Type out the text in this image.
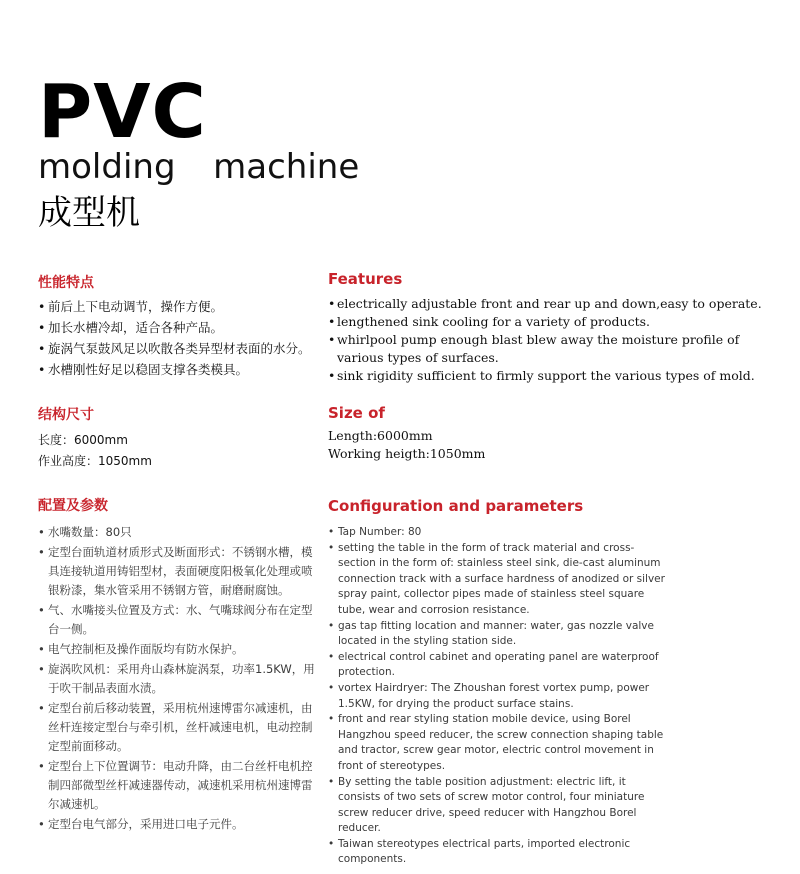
PVC
molding  machine
成型机
性能特点	Features
• 前后上下电动调节，操作方便。
• 加长水槽冷却，适合各种产品。
• 旋涡气泵鼓风足以吹散各类异型材表面的水分。
• 水槽刚性好足以稳固支撑各类模具。
• electrically adjustable front and rear up and down,easy to operate.
• lengthened sink cooling for a variety of products.
• whirlpool pump enough blast blew away the moisture profile of various types of surfaces.
• sink rigidity sufficient to firmly support the various types of mold.
结构尺寸	Size of
长度：6000mm
作业高度：1050mm
Length:6000mm
Working heigth:1050mm
配置及参数	Configuration and parameters
• 水嘴数量：80只
• 定型台面轨道材质形式及断面形式：不锈钢水槽，模具连接轨道用铸铝型材，表面硬度阳极氧化处理或喷银粉漆，集水管采用不锈钢方管，耐磨耐腐蚀。
• 气、水嘴接头位置及方式：水、气嘴球阀分布在定型台一侧。
• 电气控制柜及操作面版均有防水保护。
• 旋涡吹风机：采用舟山森林旋涡泵，功率1.5KW，用于吹干制品表面水渍。
• 定型台前后移动装置，采用杭州速博雷尔减速机，由丝杆连接定型台与牵引机，丝杆减速电机，电动控制定型前面移动。
• 定型台上下位置调节：电动升降，由二台丝杆电机控制四部微型丝杆减速器传动，减速机采用杭州速博雷尔减速机。
• 定型台电气部分，采用进口电子元件。
• Tap Number: 80
• setting the table in the form of track material and cross-section in the form of: stainless steel sink, die-cast aluminum connection track with a surface hardness of anodized or silver spray paint, collector pipes made of stainless steel square tube, wear and corrosion resistance.
• gas tap fitting location and manner: water, gas nozzle valve located in the styling station side.
• electrical control cabinet and operating panel are waterproof protection.
• vortex Hairdryer: The Zhoushan forest vortex pump, power 1.5KW, for drying the product surface stains.
• front and rear styling station mobile device, using Borel Hangzhou speed reducer, the screw connection shaping table and tractor, screw gear motor, electric control movement in front of stereotypes.
• By setting the table position adjustment: electric lift, it consists of two sets of screw motor control, four miniature screw reducer drive, speed reducer with Hangzhou Borel reducer.
• Taiwan stereotypes electrical parts, imported electronic components.
